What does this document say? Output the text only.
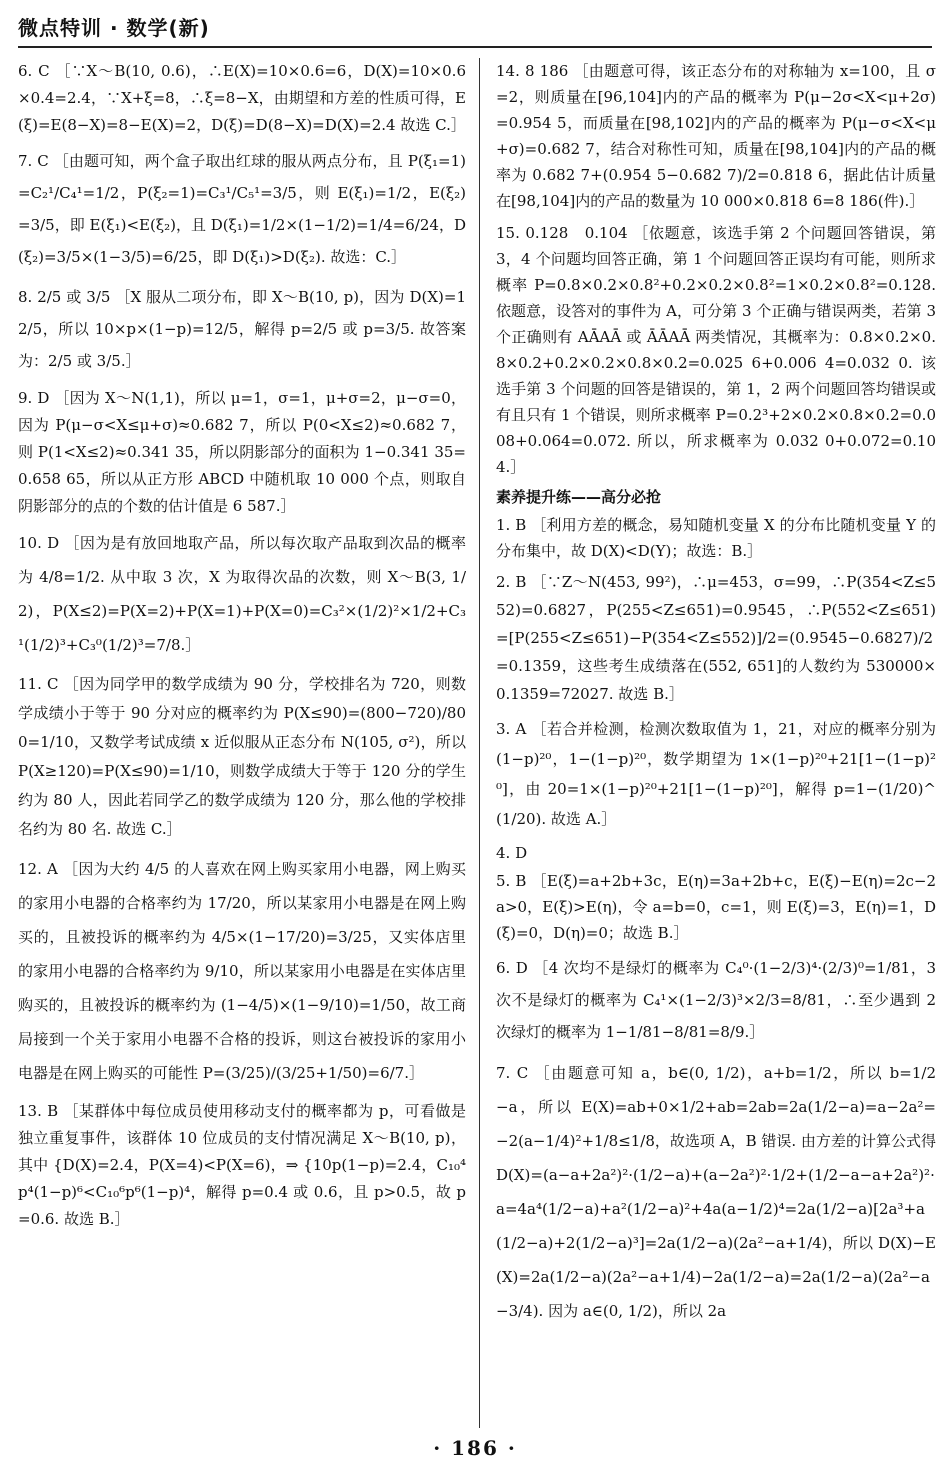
微点特训 · 数学(新)

6. C ［∵X～B(10, 0.6)，∴E(X)=10×0.6=6，D(X)=10×0.6×0.4=2.4，∵X+ξ=8，∴ξ=8−X，由期望和方差的性质可得，E(ξ)=E(8−X)=8−E(X)=2，D(ξ)=D(8−X)=D(X)=2.4 故选 C.］

7. C ［由题可知，两个盒子取出红球的服从两点分布，且 P(ξ₁=1)=C₂¹/C₄¹=1/2，P(ξ₂=1)=C₃¹/C₅¹=3/5，则 E(ξ₁)=1/2，E(ξ₂)=3/5，即 E(ξ₁)<E(ξ₂)，且 D(ξ₁)=1/2×(1−1/2)=1/4=6/24，D(ξ₂)=3/5×(1−3/5)=6/25，即 D(ξ₁)>D(ξ₂). 故选：C.］

8. 2/5 或 3/5 ［X 服从二项分布，即 X～B(10, p)，因为 D(X)=12/5，所以 10×p×(1−p)=12/5，解得 p=2/5 或 p=3/5. 故答案为：2/5 或 3/5.］

9. D ［因为 X～N(1,1)，所以 μ=1，σ=1，μ+σ=2，μ−σ=0，因为 P(μ−σ<X≤μ+σ)≈0.682 7，所以 P(0<X≤2)≈0.682 7，则 P(1<X≤2)≈0.341 35，所以阴影部分的面积为 1−0.341 35=0.658 65，所以从正方形 ABCD 中随机取 10 000 个点，则取自阴影部分的点的个数的估计值是 6 587.］

10. D ［因为是有放回地取产品，所以每次取产品取到次品的概率为 4/8=1/2. 从中取 3 次，X 为取得次品的次数，则 X～B(3, 1/2)，P(X≤2)=P(X=2)+P(X=1)+P(X=0)=C₃²×(1/2)²×1/2+C₃¹(1/2)³+C₃⁰(1/2)³=7/8.］

11. C ［因为同学甲的数学成绩为 90 分，学校排名为 720，则数学成绩小于等于 90 分对应的概率约为 P(X≤90)=(800−720)/800=1/10，又数学考试成绩 x 近似服从正态分布 N(105, σ²)，所以 P(X≥120)=P(X≤90)=1/10，则数学成绩大于等于 120 分的学生约为 80 人，因此若同学乙的数学成绩为 120 分，那么他的学校排名约为 80 名. 故选 C.］

12. A ［因为大约 4/5 的人喜欢在网上购买家用小电器，网上购买的家用小电器的合格率约为 17/20，所以某家用小电器是在网上购买的，且被投诉的概率约为 4/5×(1−17/20)=3/25，又实体店里的家用小电器的合格率约为 9/10，所以某家用小电器是在实体店里购买的，且被投诉的概率约为 (1−4/5)×(1−9/10)=1/50，故工商局接到一个关于家用小电器不合格的投诉，则这台被投诉的家用小电器是在网上购买的可能性 P=(3/25)/(3/25+1/50)=6/7.］

13. B ［某群体中每位成员使用移动支付的概率都为 p，可看做是独立重复事件，该群体 10 位成员的支付情况满足 X～B(10, p)，其中 {D(X)=2.4，P(X=4)<P(X=6)，⇒ {10p(1−p)=2.4，C₁₀⁴p⁴(1−p)⁶<C₁₀⁶p⁶(1−p)⁴，解得 p=0.4 或 0.6，且 p>0.5，故 p=0.6. 故选 B.］

14. 8 186 ［由题意可得，该正态分布的对称轴为 x=100，且 σ=2，则质量在[96,104]内的产品的概率为 P(μ−2σ<X<μ+2σ)=0.954 5，而质量在[98,102]内的产品的概率为 P(μ−σ<X<μ+σ)=0.682 7，结合对称性可知，质量在[98,104]内的产品的概率为 0.682 7+(0.954 5−0.682 7)/2=0.818 6，据此估计质量在[98,104]内的产品的数量为 10 000×0.818 6=8 186(件).］

15. 0.128　0.104 ［依题意，该选手第 2 个问题回答错误，第 3，4 个问题均回答正确，第 1 个问题回答正误均有可能，则所求概率 P=0.8×0.2×0.8²+0.2×0.2×0.8²=1×0.2×0.8²=0.128. 依题意，设答对的事件为 A，可分第 3 个正确与错误两类，若第 3 个正确则有 AĀAĀ 或 ĀĀAĀ 两类情况，其概率为：0.8×0.2×0.8×0.2+0.2×0.2×0.8×0.2=0.025 6+0.006 4=0.032 0. 该选手第 3 个问题的回答是错误的，第 1，2 两个问题回答均错误或有且只有 1 个错误，则所求概率 P=0.2³+2×0.2×0.8×0.2=0.008+0.064=0.072. 所以，所求概率为 0.032 0+0.072=0.104.］

素养提升练——高分必抢

1. B ［利用方差的概念，易知随机变量 X 的分布比随机变量 Y 的分布集中，故 D(X)<D(Y)；故选：B.］

2. B ［∵Z～N(453, 99²)，∴μ=453，σ=99，∴P(354<Z≤552)=0.6827，P(255<Z≤651)=0.9545，∴P(552<Z≤651)=[P(255<Z≤651)−P(354<Z≤552)]/2=(0.9545−0.6827)/2=0.1359，这些考生成绩落在(552, 651]的人数约为 530000×0.1359=72027. 故选 B.］

3. A ［若合并检测，检测次数取值为 1，21，对应的概率分别为 (1−p)²⁰，1−(1−p)²⁰，数学期望为 1×(1−p)²⁰+21[1−(1−p)²⁰]，由 20=1×(1−p)²⁰+21[1−(1−p)²⁰]，解得 p=1−(1/20)^(1/20). 故选 A.］

4. D

5. B ［E(ξ)=a+2b+3c，E(η)=3a+2b+c，E(ξ)−E(η)=2c−2a>0，E(ξ)>E(η)，令 a=b=0，c=1，则 E(ξ)=3，E(η)=1，D(ξ)=0，D(η)=0；故选 B.］

6. D ［4 次均不是绿灯的概率为 C₄⁰·(1−2/3)⁴·(2/3)⁰=1/81，3 次不是绿灯的概率为 C₄¹×(1−2/3)³×2/3=8/81，∴至少遇到 2 次绿灯的概率为 1−1/81−8/81=8/9.］

7. C ［由题意可知 a，b∈(0, 1/2)，a+b=1/2，所以 b=1/2−a，所以 E(X)=ab+0×1/2+ab=2ab=2a(1/2−a)=a−2a²=−2(a−1/4)²+1/8≤1/8，故选项 A，B 错误. 由方差的计算公式得 D(X)=(a−a+2a²)²·(1/2−a)+(a−2a²)²·1/2+(1/2−a−a+2a²)²·a=4a⁴(1/2−a)+a²(1/2−a)²+4a(a−1/2)⁴=2a(1/2−a)[2a³+a(1/2−a)+2(1/2−a)³]=2a(1/2−a)(2a²−a+1/4)，所以 D(X)−E(X)=2a(1/2−a)(2a²−a+1/4)−2a(1/2−a)=2a(1/2−a)(2a²−a−3/4). 因为 a∈(0, 1/2)，所以 2a

· 186 ·
